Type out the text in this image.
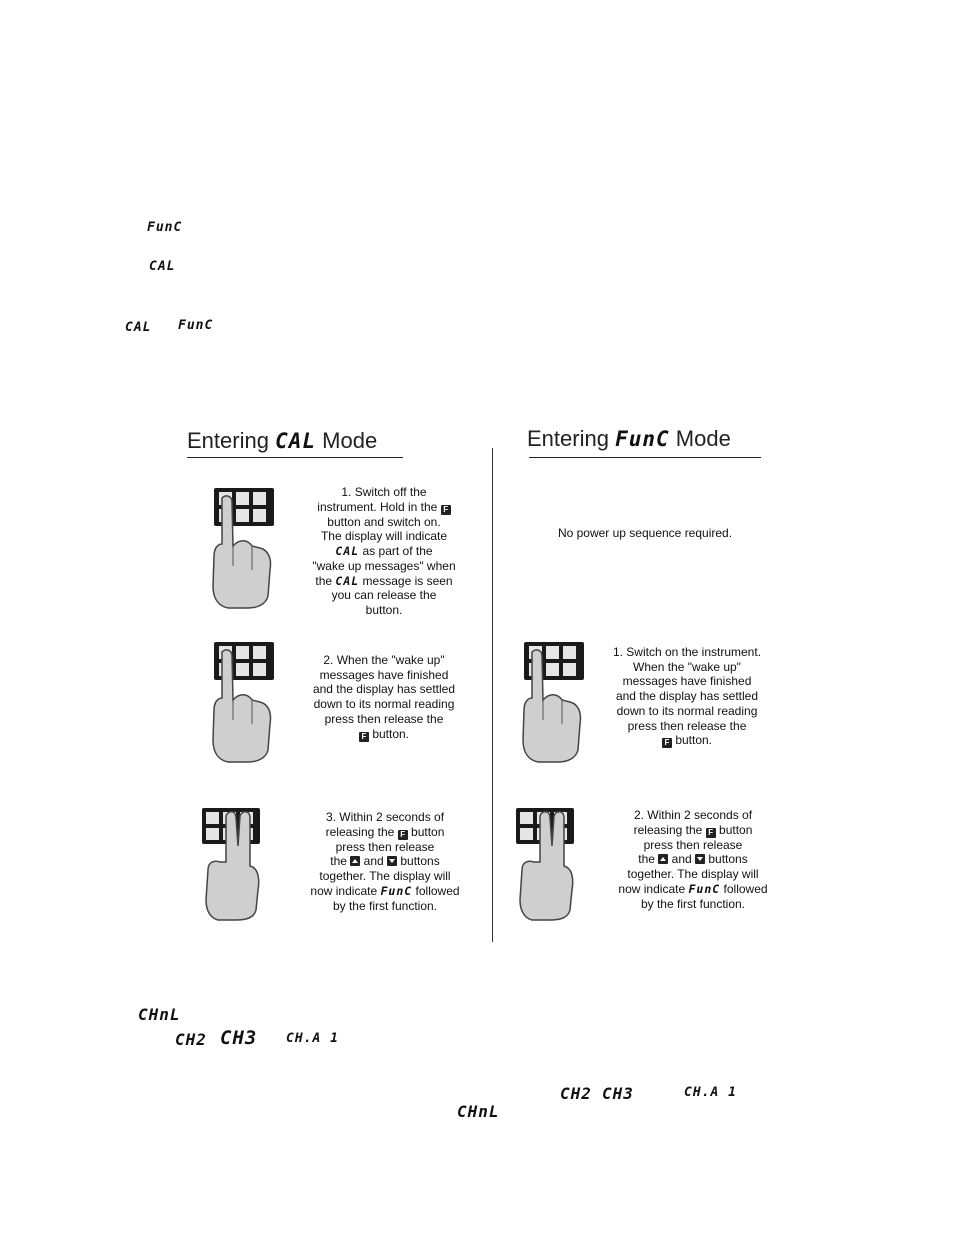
FunC
CAL
CAL FunC
Entering CAL Mode	Entering FunC Mode
1. Switch off the
instrument. Hold in the F
button and switch on.
The display will indicate
CAL as part of the
"wake up messages" when
the CAL message is seen
you can release the
button.
2. When the "wake up"
messages have finished
and the display has settled
down to its normal reading
press then release the
F button.
3. Within 2 seconds of
releasing the F button
press then release
the and buttons
together. The display will
now indicate FunC followed
by the first function.
No power up sequence required.
1. Switch on the instrument.
When the "wake up"
messages have finished
and the display has settled
down to its normal reading
press then release the
F button.
2. Within 2 seconds of
releasing the F button
press then release
the and buttons
together. The display will
now indicate FunC followed
by the first function.
CHnL
CH2 CH3 CH.A 1
CH2 CH3	CH.A 1
CHnL
